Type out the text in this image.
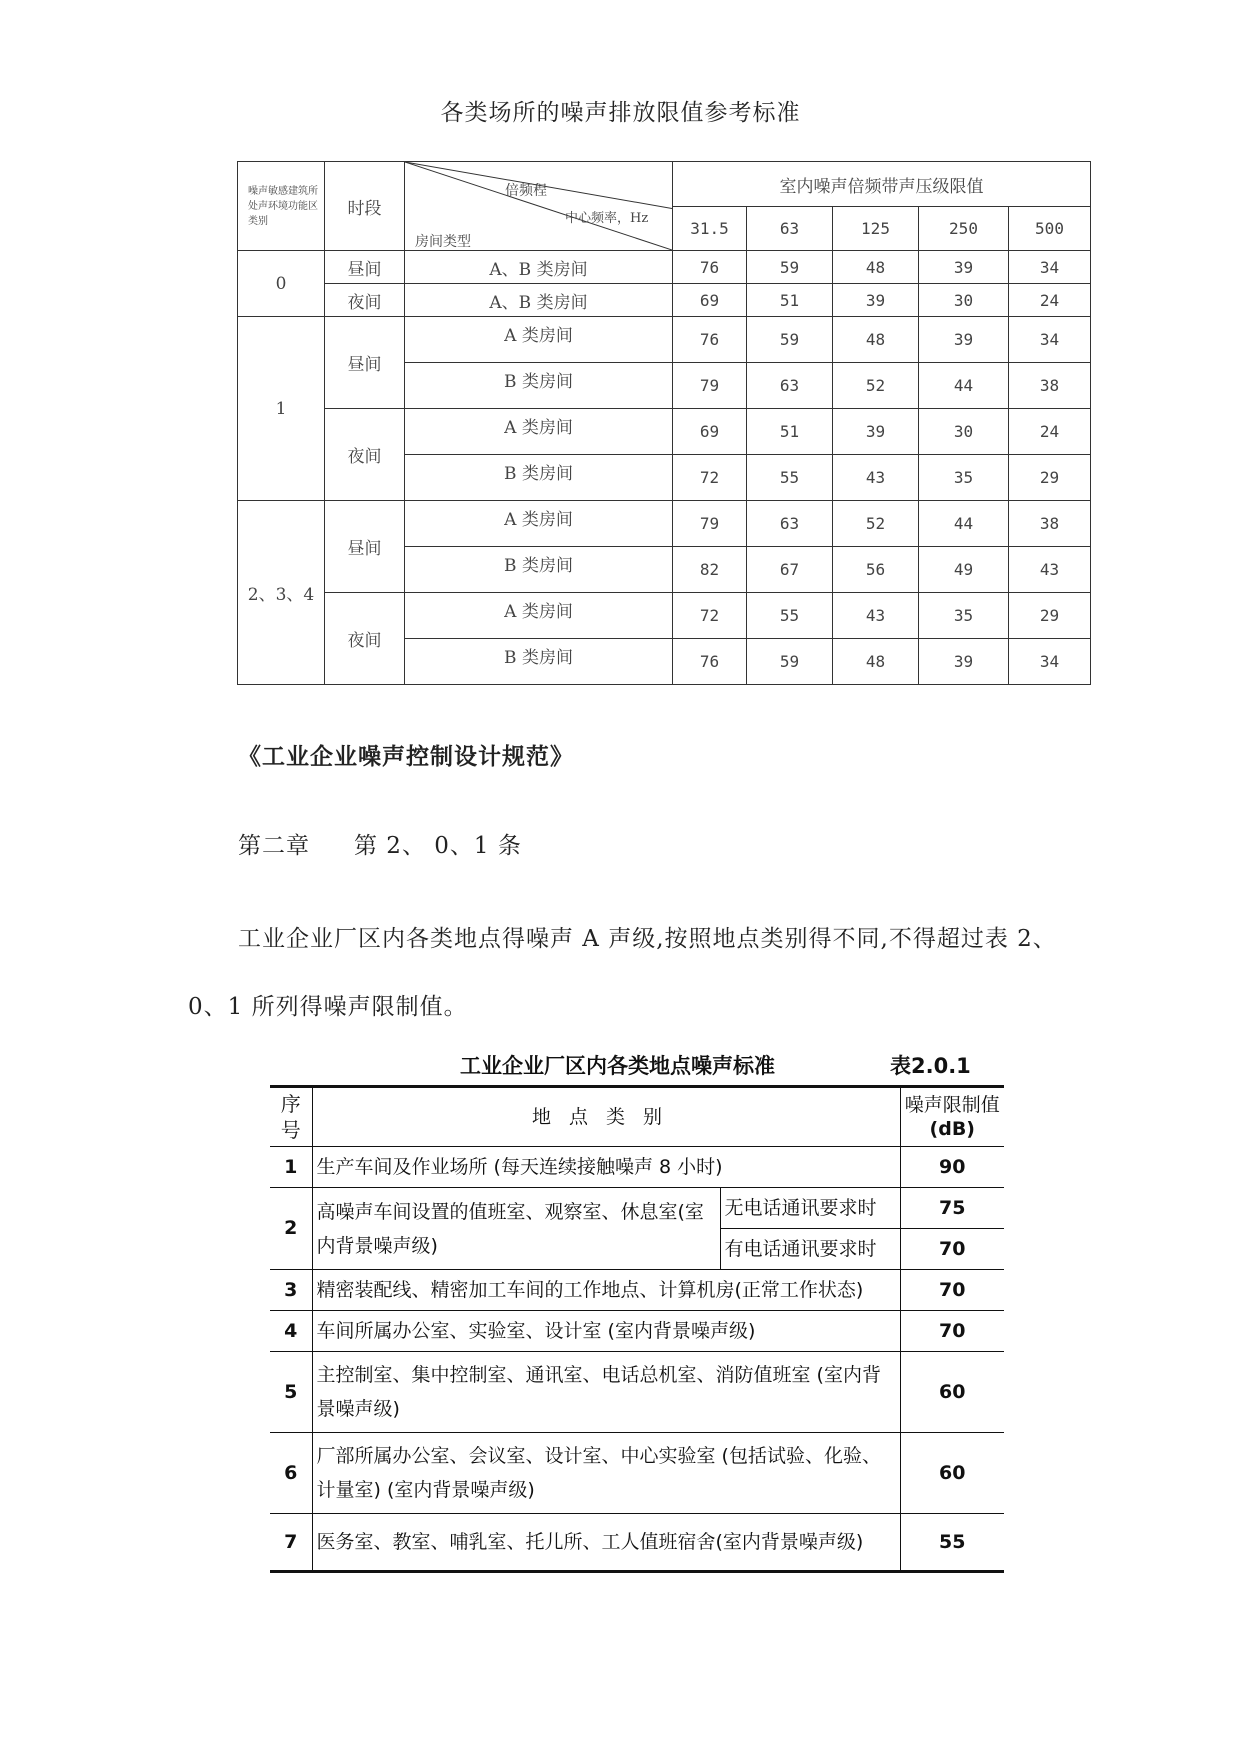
各类场所的噪声排放限值参考标准
噪声敏感建筑所处声环境功能区类别	时段	倍频程
中心频率，Hz
房间类型	室内噪声倍频带声压级限值				
			31.5	63	125	250	500
0	昼间	A、B 类房间	76	59	48	39	34
	夜间	A、B 类房间	69	51	39	30	24
1	昼间	A 类房间	76	59	48	39	34
		B 类房间	79	63	52	44	38
	夜间	A 类房间	69	51	39	30	24
		B 类房间	72	55	43	35	29
2、3、4	昼间	A 类房间	79	63	52	44	38
		B 类房间	82	67	56	49	43
	夜间	A 类房间	72	55	43	35	29
		B 类房间	76	59	48	39	34
《工业企业噪声控制设计规范》
第二章 第 2、 0、1 条
工业企业厂区内各类地点得噪声 A 声级,按照地点类别得不同,不得超过表 2、0、1 所列得噪声限制值。
工业企业厂区内各类地点噪声标准	表2.0.1
序号	地点类别		噪声限制值
(dB)

1	生产车间及作业场所 (每天连续接触噪声 8 小时)		90
2	高噪声车间设置的值班室、观察室、休息室(室内背景噪声级)	无电话通讯要求时	75
		有电话通讯要求时	70
3	精密装配线、精密加工车间的工作地点、计算机房(正常工作状态)		70
4	车间所属办公室、实验室、设计室 (室内背景噪声级)		70
5	主控制室、集中控制室、通讯室、电话总机室、消防值班室 (室内背景噪声级)		60
6	厂部所属办公室、会议室、设计室、中心实验室 (包括试验、化验、计量室) (室内背景噪声级)		60
7	医务室、教室、哺乳室、托儿所、工人值班宿舍(室内背景噪声级)		55
